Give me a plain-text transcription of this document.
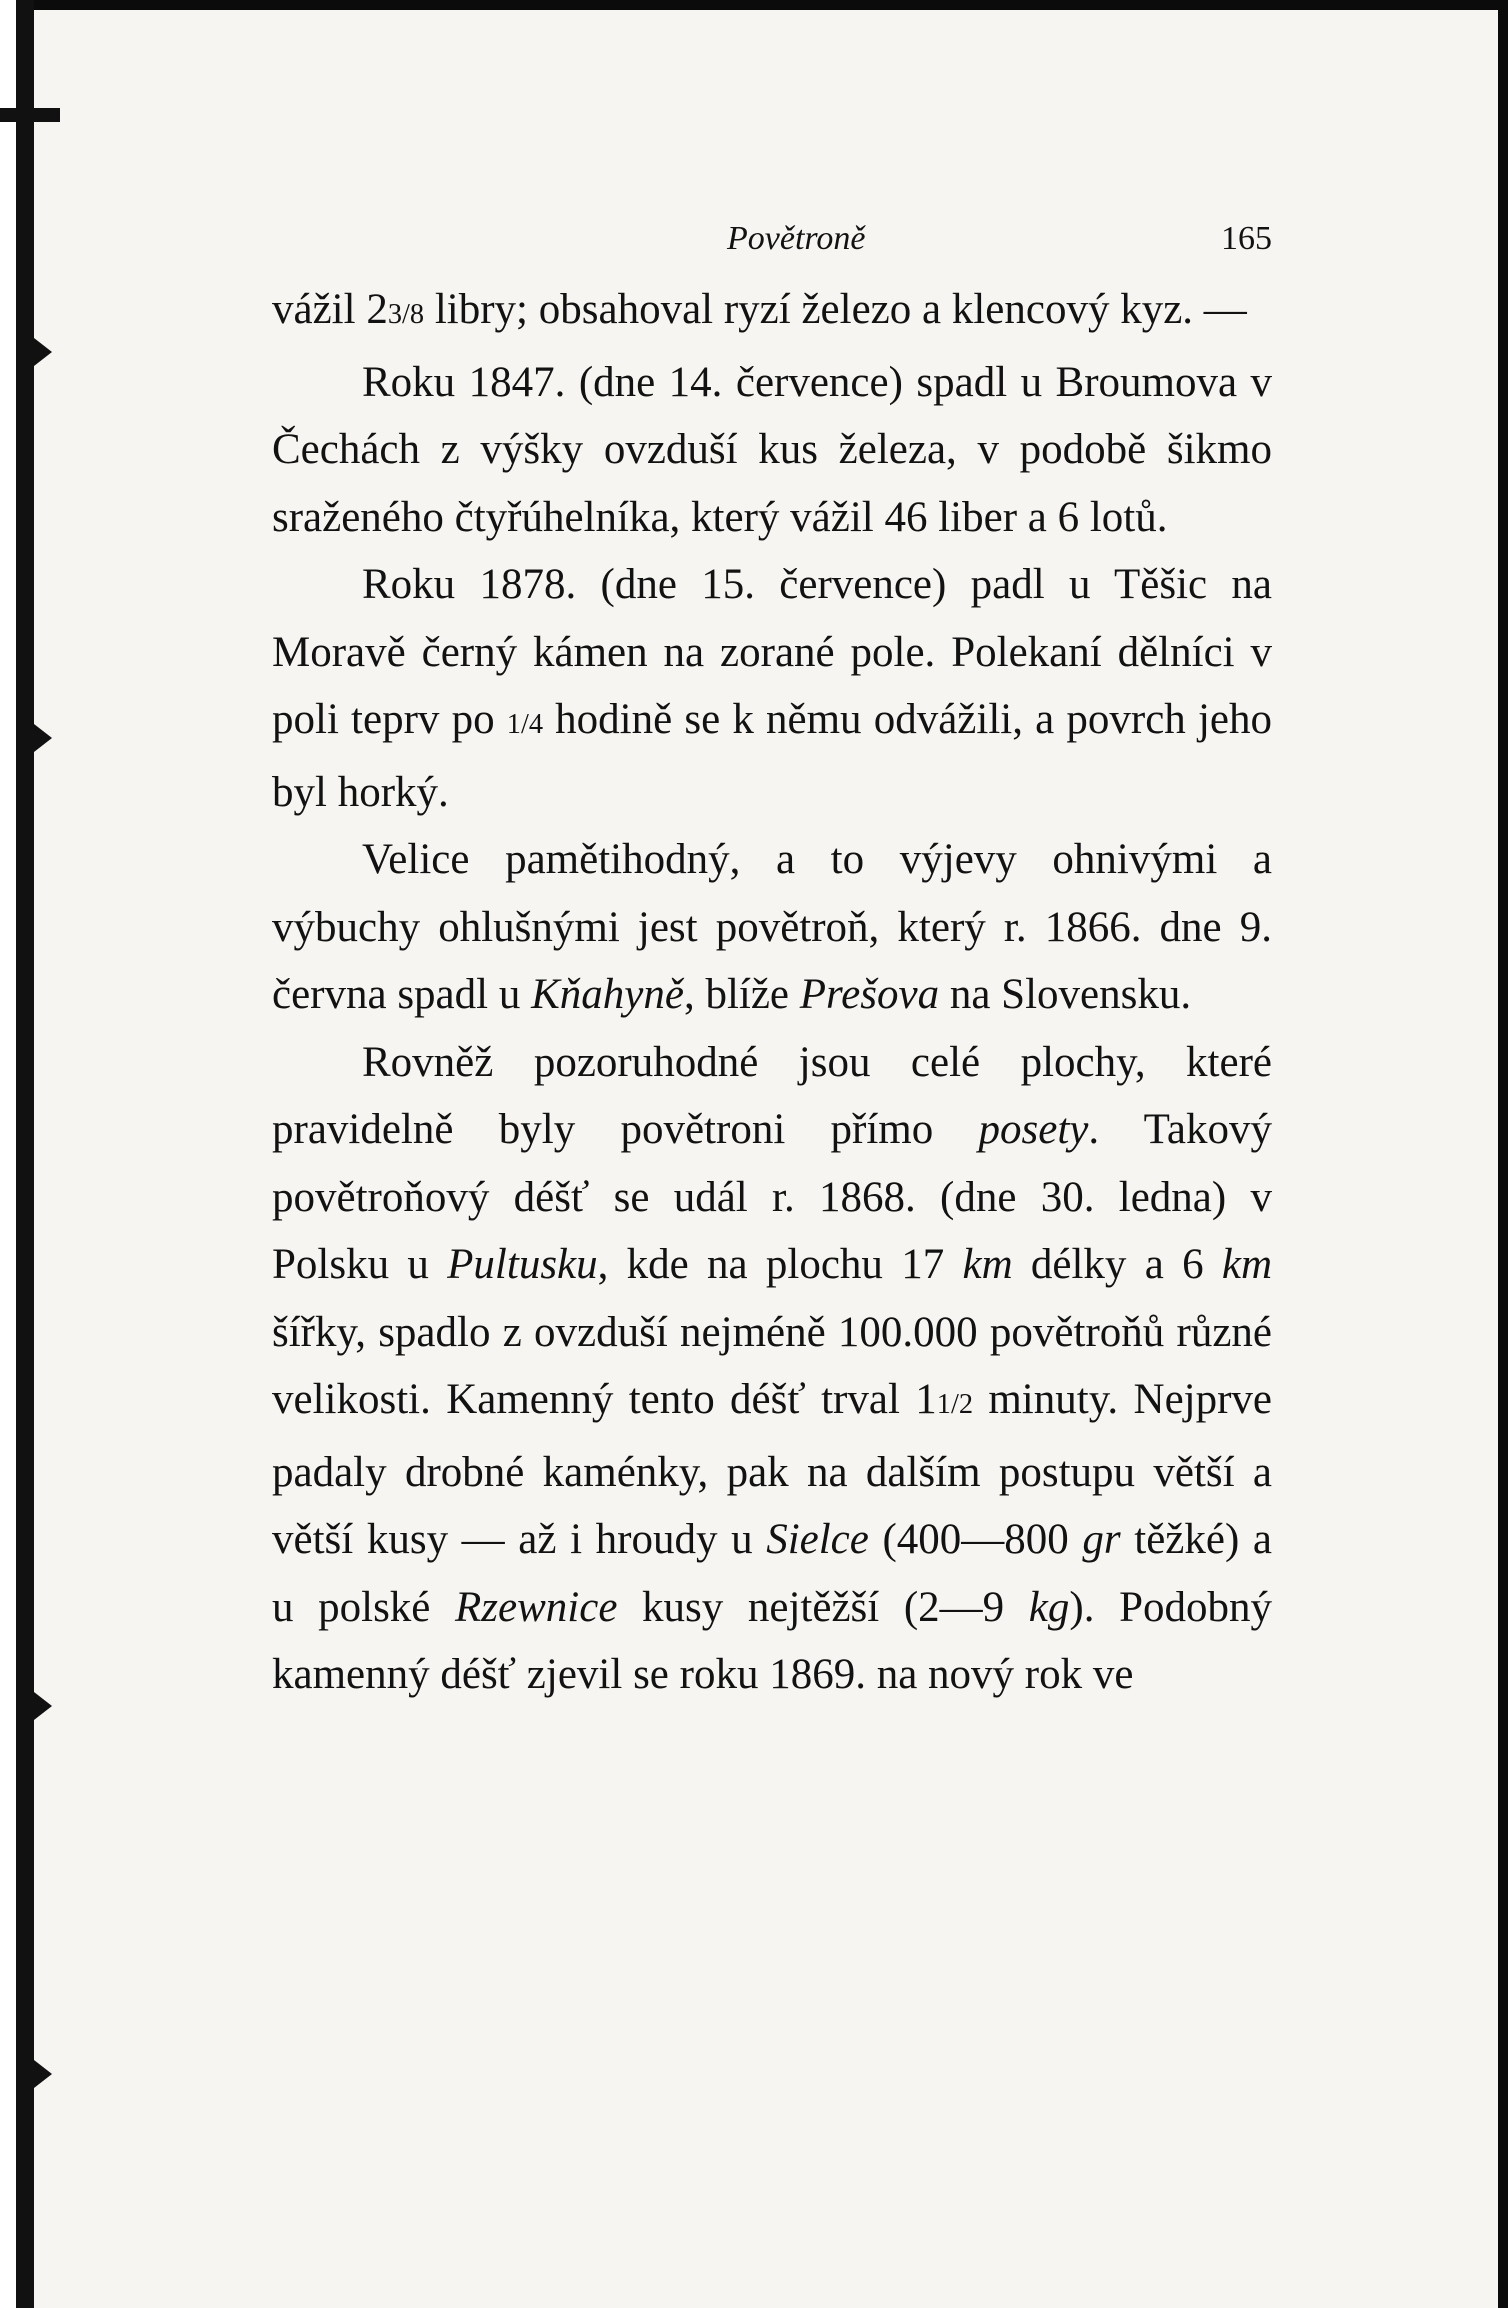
Povětroně	165

vážil 23/8 libry; obsahoval ryzí železo a klencový kyz. —

Roku 1847. (dne 14. července) spadl u Broumova v Čechách z výšky ovzduší kus železa, v podobě šikmo sraženého čtyřúhelníka, který vážil 46 liber a 6 lotů.

Roku 1878. (dne 15. července) padl u Těšic na Moravě černý kámen na zorané pole. Polekaní dělníci v poli teprv po 1/4 hodině se k němu odvážili, a povrch jeho byl horký.

Velice pamětihodný, a to výjevy ohnivými a výbuchy ohlušnými jest povětroň, který r. 1866. dne 9. června spadl u Kňahyně, blíže Prešova na Slovensku.

Rovněž pozoruhodné jsou celé plochy, které pravidelně byly povětroni přímo posety. Takový povětroňový déšť se udál r. 1868. (dne 30. ledna) v Polsku u Pultusku, kde na plochu 17 km délky a 6 km šířky, spadlo z ovzduší nejméně 100.000 povětroňů různé velikosti. Kamenný tento déšť trval 11/2 minuty. Nejprve padaly drobné kaménky, pak na dalším postupu větší a větší kusy — až i hroudy u Sielce (400—800 gr těžké) a u polské Rzewnice kusy nejtěžší (2—9 kg). Podobný kamenný déšť zjevil se roku 1869. na nový rok ve
